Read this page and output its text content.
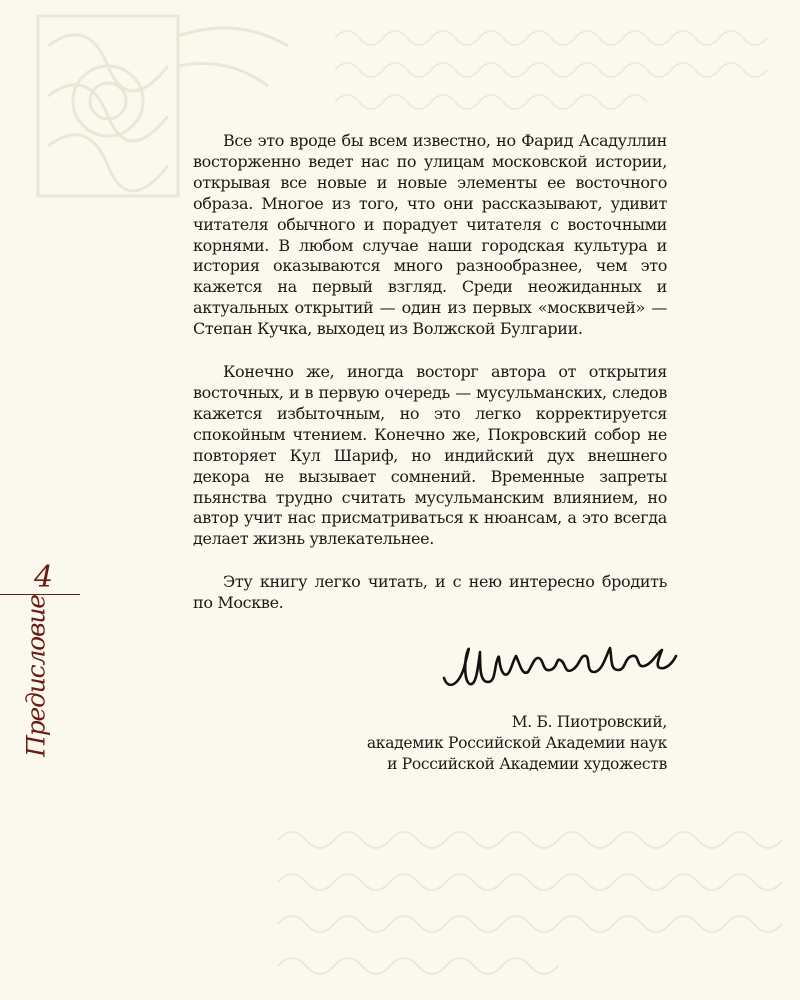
Все это вроде бы всем известно, но Фарид Асадуллин восторженно ведет нас по улицам московской истории, открывая все новые и новые элементы ее восточного образа. Многое из того, что они рассказывают, удивит читателя обычного и порадует читателя с восточными корнями. В любом случае наши городская культура и история оказываются много разнообразнее, чем это кажется на первый взгляд. Среди неожиданных и актуальных открытий — один из первых «москвичей» — Степан Кучка, выходец из Волжской Булгарии.

Конечно же, иногда восторг автора от открытия восточных, и в первую очередь — мусульманских, следов кажется избыточным, но это легко корректируется спокойным чтением. Конечно же, Покровский собор не повторяет Кул Шариф, но индийский дух внешнего декора не вызывает сомнений. Временные запреты пьянства трудно считать мусульманским влиянием, но автор учит нас присматриваться к нюансам, а это всегда делает жизнь увлекательнее.

Эту книгу легко читать, и с нею интересно бродить по Москве.

4
Предисловие	М. Б. Пиотровский,
академик Российской Академии наук
и Российской Академии художеств
